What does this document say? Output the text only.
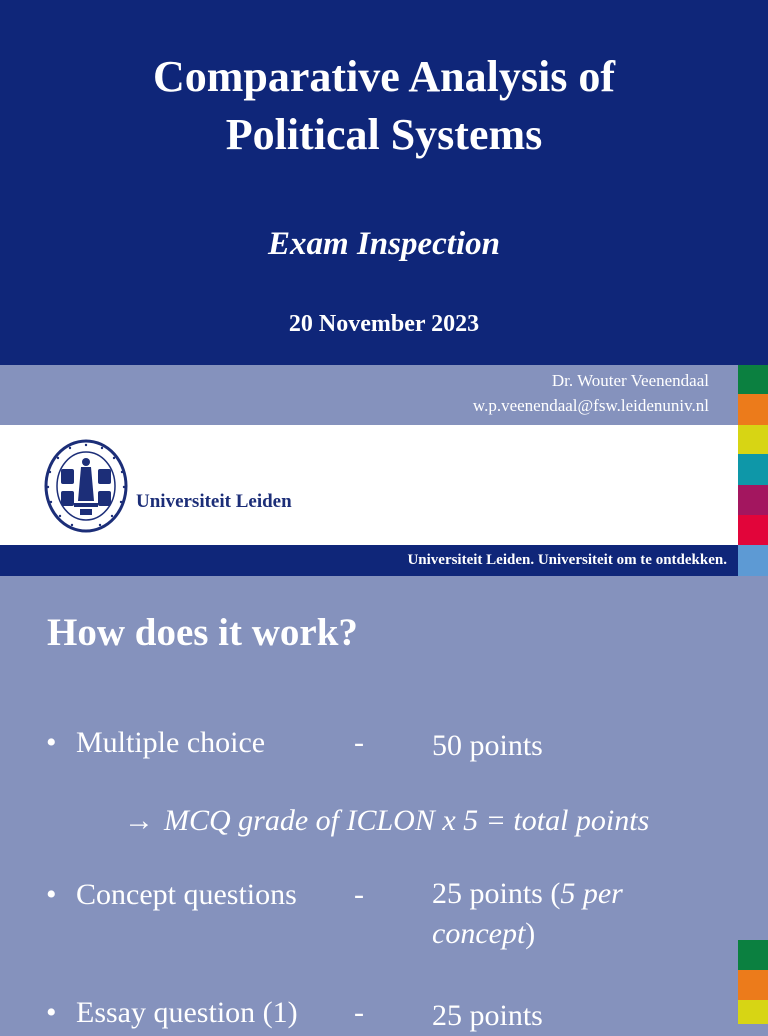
Comparative Analysis of
Political Systems
Exam Inspection
20 November 2023
Dr. Wouter Veenendaal
w.p.veenendaal@fsw.leidenuniv.nl
Universiteit Leiden
Universiteit Leiden. Universiteit om te ontdekken.
How does it work?
• Multiple choice	- 50 points
→ MCQ grade of ICLON x 5 = total points
• Concept questions - 25 points (5 per
concept)
• Essay question (1) - 25 points
